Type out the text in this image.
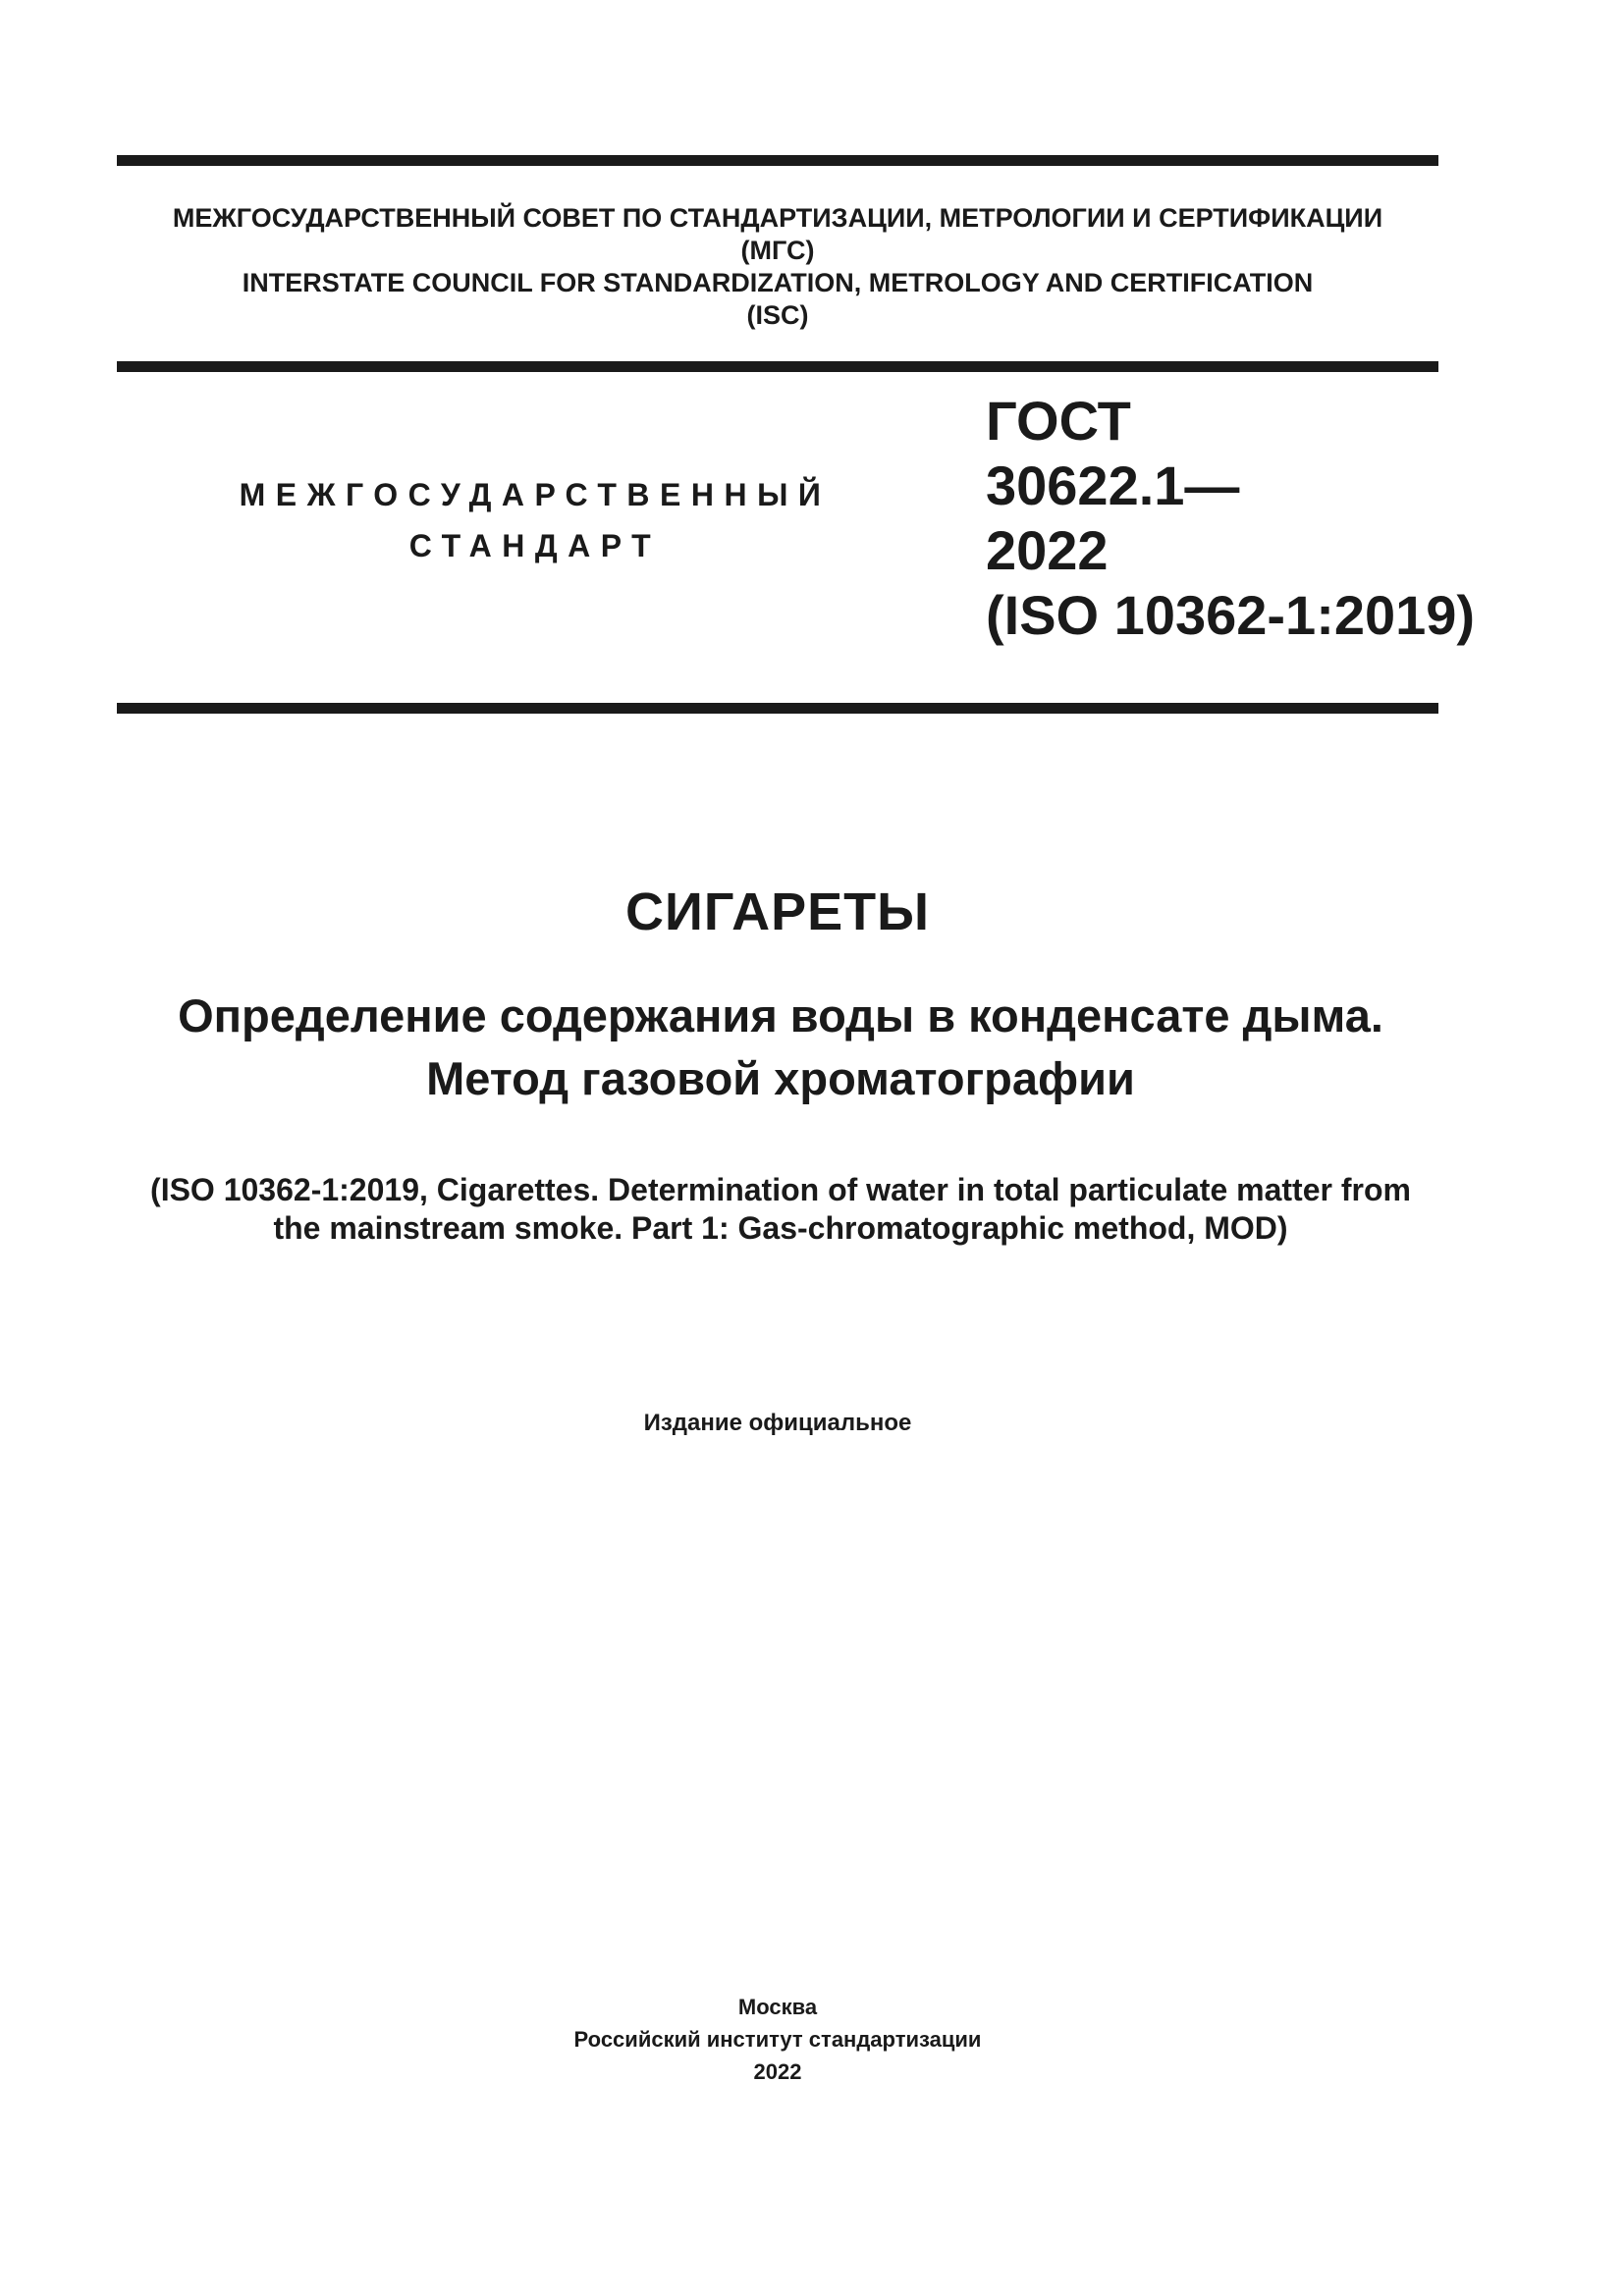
МЕЖГОСУДАРСТВЕННЫЙ СОВЕТ ПО СТАНДАРТИЗАЦИИ, МЕТРОЛОГИИ И СЕРТИФИКАЦИИ
(МГС)
INTERSTATE COUNCIL FOR STANDARDIZATION, METROLOGY AND CERTIFICATION
(ISC)
МЕЖГОСУДАРСТВЕННЫЙ
СТАНДАРТ
ГОСТ
30622.1—
2022
(ISO 10362-1:2019)
СИГАРЕТЫ
Определение содержания воды в конденсате дыма.
Метод газовой хроматографии
(ISO 10362-1:2019, Cigarettes. Determination of water in total particulate matter from
the mainstream smoke. Part 1: Gas-chromatographic method, MOD)
Издание официальное
Москва
Российский институт стандартизации
2022
